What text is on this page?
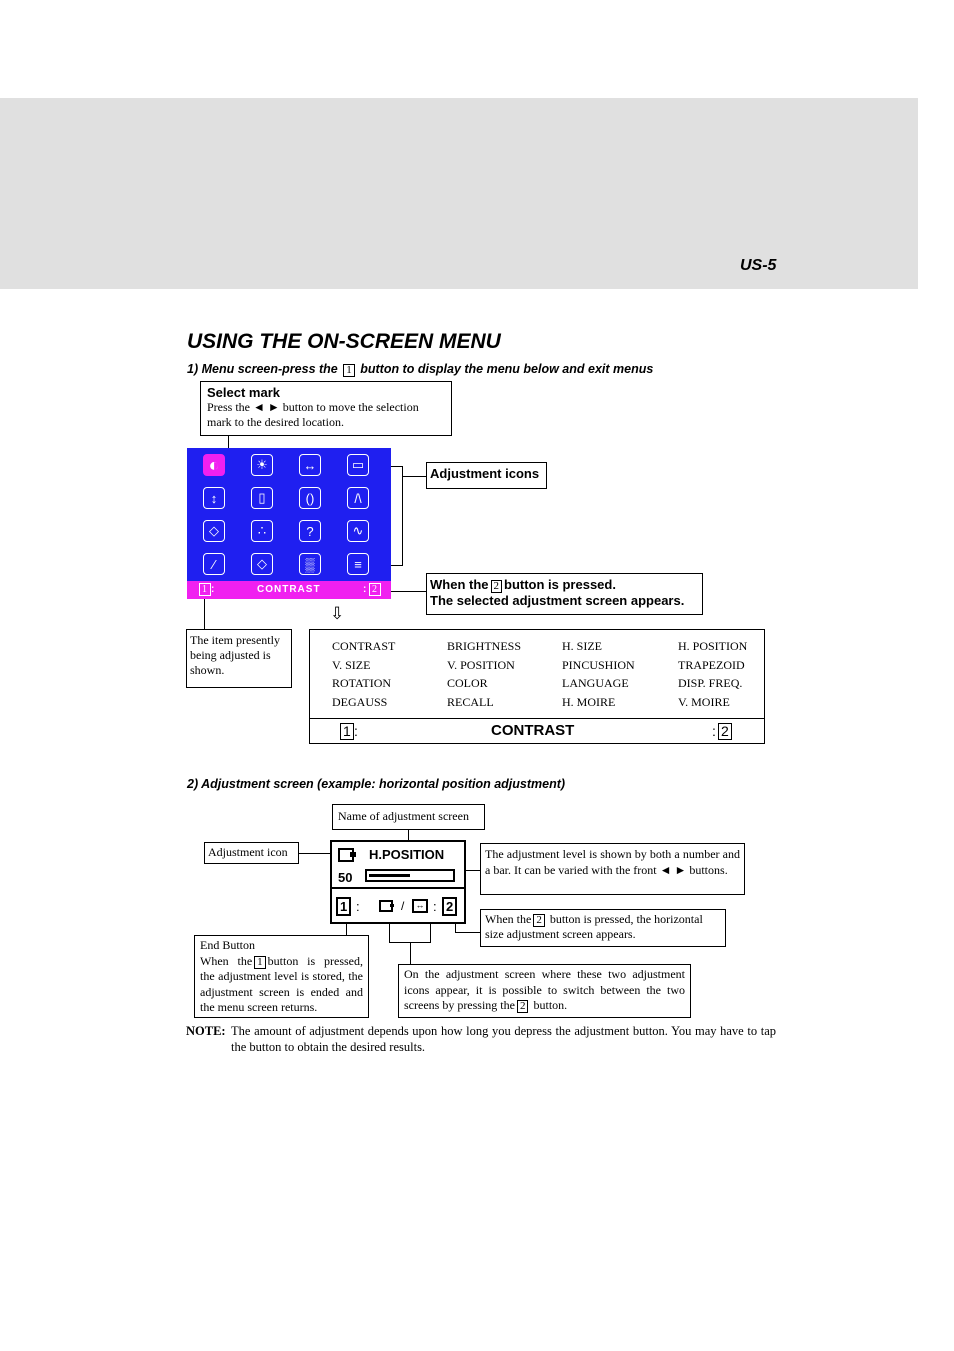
US-5
USING THE ON-SCREEN MENU
1) Menu screen-press the 1 button to display the menu below and exit menus
Select mark
Press the ◄ ► button to move the selection mark to the desired location.
◐	☀	↔	▭
↕	▯	()	/\
◇	∴	?	∿
⁄	◇	▒	≡
1 :	CONTRAST	: 2
Adjustment icons
When the 2 button is pressed.
The selected adjustment screen appears.
⇩
The item presently being adjusted is shown.
CONTRAST	BRIGHTNESS	H. SIZE	H. POSITION
V. SIZE	V. POSITION	PINCUSHION	TRAPEZOID
ROTATION	COLOR	LANGUAGE	DISP. FREQ.
DEGAUSS	RECALL	H. MOIRE	V. MOIRE
1 :	CONTRAST	: 2
2) Adjustment screen (example: horizontal position adjustment)
Name of adjustment screen
Adjustment icon	H.POSITION
50
1 :	/	↔ : 2
The adjustment level is shown by both a number and a bar. It can be varied with the front ◄ ► buttons.
When the 2 button is pressed, the horizontal size adjustment screen appears.
End Button
When the 1 button is pressed, the adjustment level is stored, the adjustment screen is ended and the menu screen returns.
On the adjustment screen where these two adjustment icons appear, it is possible to switch between the two screens by pressing the 2 button.
NOTE: The amount of adjustment depends upon how long you depress the adjustment button. You may have to tap the button to obtain the desired results.
